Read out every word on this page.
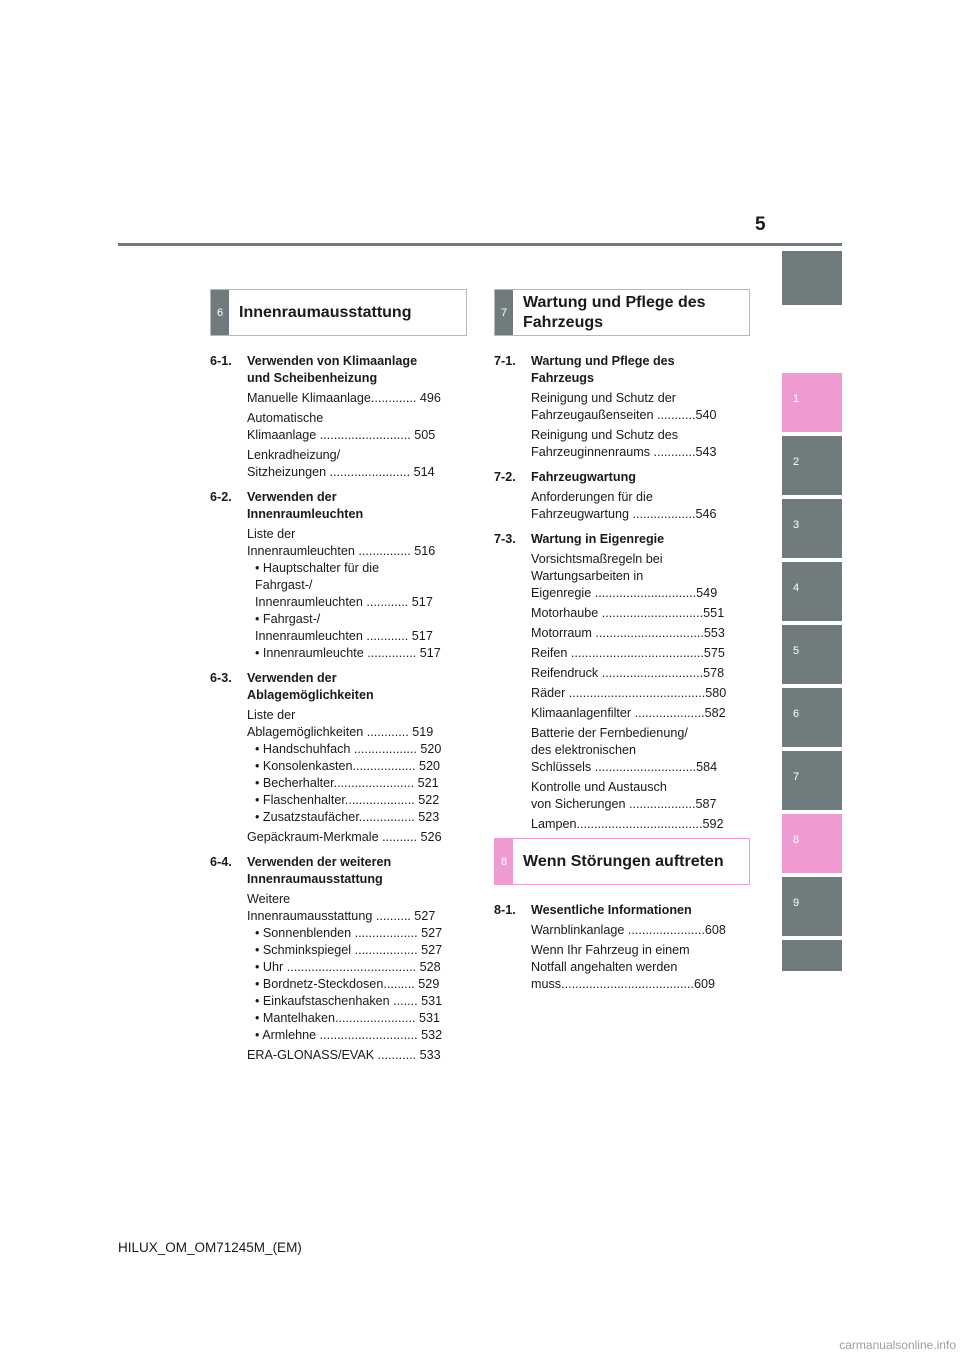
5
1
2
3
4
5
6
7
8
9
6 Innenraumausstattung	7
Wartung und Pflege des
Fahrzeugs
8 Wenn Störungen auftreten
6-1.	Verwenden von Klimaanlage
und Scheibenheizung
Manuelle Klimaanlage............. 496
Automatische
Klimaanlage .......................... 505
Lenkradheizung/
Sitzheizungen ....................... 514
6-2.	Verwenden der
Innenraumleuchten
Liste der
Innenraumleuchten ............... 516
• Hauptschalter für die
Fahrgast-/
Innenraumleuchten ............ 517
• Fahrgast-/
Innenraumleuchten ............ 517
• Innenraumleuchte .............. 517
6-3.	Verwenden der
Ablagemöglichkeiten
Liste der
Ablagemöglichkeiten ............ 519
• Handschuhfach .................. 520
• Konsolenkasten.................. 520
• Becherhalter....................... 521
• Flaschenhalter.................... 522
• Zusatzstaufächer................ 523
Gepäckraum-Merkmale .......... 526
6-4.	Verwenden der weiteren
Innenraumausstattung
Weitere
Innenraumausstattung .......... 527
• Sonnenblenden .................. 527
• Schminkspiegel .................. 527
• Uhr ..................................... 528
• Bordnetz-Steckdosen......... 529
• Einkaufstaschenhaken ....... 531
• Mantelhaken....................... 531
• Armlehne ............................ 532
ERA-GLONASS/EVAK ........... 533
7-1.	Wartung und Pflege des
Fahrzeugs
Reinigung und Schutz der
Fahrzeugaußenseiten ...........540
Reinigung und Schutz des
Fahrzeuginnenraums ............543
7-2.	Fahrzeugwartung
Anforderungen für die
Fahrzeugwartung ..................546
7-3.	Wartung in Eigenregie
Vorsichtsmaßregeln bei
Wartungsarbeiten in
Eigenregie .............................549
Motorhaube .............................551
Motorraum ...............................553
Reifen ......................................575
Reifendruck .............................578
Räder .......................................580
Klimaanlagenfilter ....................582
Batterie der Fernbedienung/
des elektronischen
Schlüssels .............................584
Kontrolle und Austausch
von Sicherungen ...................587
Lampen....................................592
8-1.	Wesentliche Informationen
Warnblinkanlage ......................608
Wenn Ihr Fahrzeug in einem
Notfall angehalten werden
muss......................................609
HILUX_OM_OM71245M_(EM)
carmanualsonline.info
